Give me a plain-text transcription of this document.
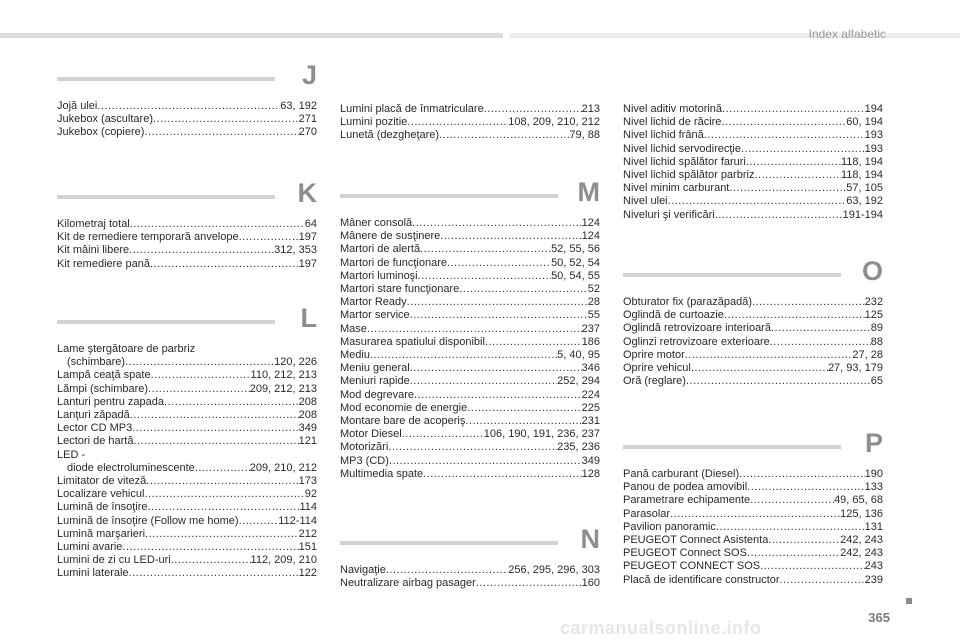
Index alfabetic
J
Jojă ulei .....	63, 192
Jukebox (ascultare) .....	271
Jukebox (copiere) .....	270
K
Kilometraj total .....	64
Kit de remediere temporară anvelope .....	197
Kit mâini libere .....	312, 353
Kit remediere pană .....	197
L
Lame ştergătoare de parbriz
(schimbare) .....	120, 226
Lampă ceaţă spate .....	110, 212, 213
Lămpi (schimbare) .....	209, 212, 213
Lanturi pentru zapada .....	208
Lanţuri zăpadă .....	208
Lector CD MP3 .....	349
Lectori de hartă .....	121
LED -
diode electroluminescente .....	209, 210, 212
Limitator de viteză .....	173
Localizare vehicul .....	92
Lumină de însoţire .....	114
Lumină de însoţire (Follow me home) .....	112-114
Lumină marşarieri .....	212
Lumini avarie .....	151
Lumini de zi cu LED-uri .....	112, 209, 210
Lumini laterale .....	122
Lumini placă de înmatriculare .....	213
Lumini pozitie .....	108, 209, 210, 212
Lunetă (dezgheţare) .....	79, 88
M
Mâner consolă .....	124
Mânere de susţinere .....	124
Martori de alertă .....	52, 55, 56
Martori de funcţionare .....	50, 52, 54
Martori luminoşi .....	50, 54, 55
Martori stare funcţionare .....	52
Martor Ready .....	28
Martor service .....	55
Mase .....	237
Masurarea spatiului disponibil .....	186
Mediu .....	5, 40, 95
Meniu general .....	346
Meniuri rapide .....	252, 294
Mod degrevare .....	224
Mod economie de energie .....	225
Montare bare de acoperiş .....	231
Motor Diesel .....	106, 190, 191, 236, 237
Motorizări .....	235, 236
MP3 (CD) .....	349
Multimedia spate .....	128
N
Navigaţie .....	256, 295, 296, 303
Neutralizare airbag pasager .....	160
Nivel aditiv motorină .....	194
Nivel lichid de răcire .....	60, 194
Nivel lichid frână .....	193
Nivel lichid servodirecţie .....	193
Nivel lichid spălător faruri .....	118, 194
Nivel lichid spălător parbriz .....	118, 194
Nivel minim carburant .....	57, 105
Nivel ulei .....	63, 192
Niveluri şi verificări .....	191-194
O
Obturator fix (parazăpadă) .....	232
Oglindă de curtoazie .....	125
Oglindă retrovizoare interioară .....	89
Oglinzi retrovizoare exterioare .....	88
Oprire motor .....	27, 28
Oprire vehicul .....	27, 93, 179
Oră (reglare) .....	65
P
Pană carburant (Diesel) .....	190
Panou de podea amovibil .....	133
Parametrare echipamente .....	49, 65, 68
Parasolar .....	125, 136
Pavilion panoramic .....	131
PEUGEOT Connect Asistenta .....	242, 243
PEUGEOT Connect SOS .....	242, 243
PEUGEOT CONNECT SOS .....	243
Placă de identificare constructor .....	239
365
carmanualsonline.info
